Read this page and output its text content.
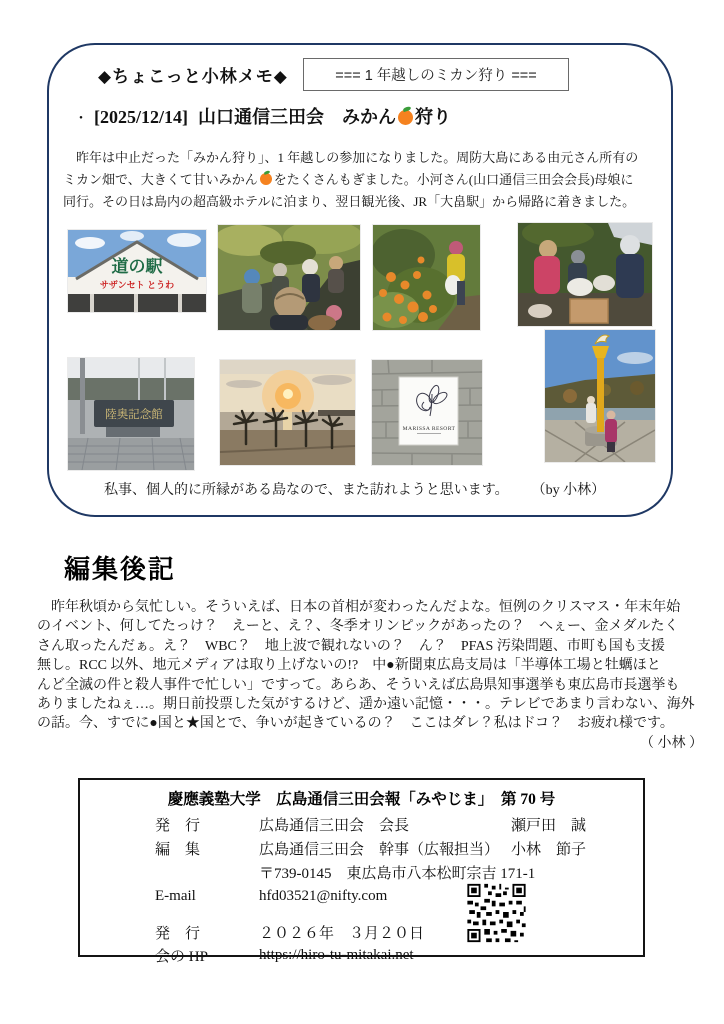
◆ちょこっと小林メモ◆	=== 1 年越しのミカン狩り ===
・ [2025/12/14] 山口通信三田会　みかん 狩り
　昨年は中止だった「みかん狩り」、1 年越しの参加になりました。周防大島にある由元さん所有の
ミカン畑で、大きくて甘いみかん をたくさんもぎました。小河さん(山口通信三田会会長)母娘に
同行。その日は島内の超高級ホテルに泊まり、翌日観光後、JR「大畠駅」から帰路に着きました。
道の駅
サザンセト とうわ
陸奥記念館
MARISSA RESORT
私事、個人的に所縁がある島なので、また訪れようと思います。 （by 小林）
編集後記
　昨年秋頃から気忙しい。そういえば、日本の首相が変わったんだよな。恒例のクリスマス・年末年始
のイベント、何してたっけ？　えーと、え？、冬季オリンピックがあったの？　へぇー、金メダルたく
さん取ったんだぁ。え？　WBC？　地上波で観れないの？　ん？　PFAS 汚染問題、市町も国も支援
無し。RCC 以外、地元メディアは取り上げないの!?　中●新聞東広島支局は「半導体工場と牡蠣ほと
んど全滅の件と殺人事件で忙しい」ですって。あらあ、そういえば広島県知事選挙も東広島市長選挙も
ありましたねぇ…。期日前投票した気がするけど、遥か遠い記憶・・・。テレビであまり言わない、海外
の話。今、すでに●国と★国とで、争いが起きているの？　ここはダレ？私はドコ？　お疲れ様です。
（ 小林 ）
慶應義塾大学　広島通信三田会報「みやじま」　第 70 号
発　行	広島通信三田会　会長	瀬戸田　誠
編　集	広島通信三田会　幹事（広報担当） 小林　節子
〒739-0145　東広島市八本松町宗吉 171-1
E-mail	hfd03521@nifty.com
発　行	２０２６年　３月２０日
会の HP	https://hiro-tu-mitakai.net
